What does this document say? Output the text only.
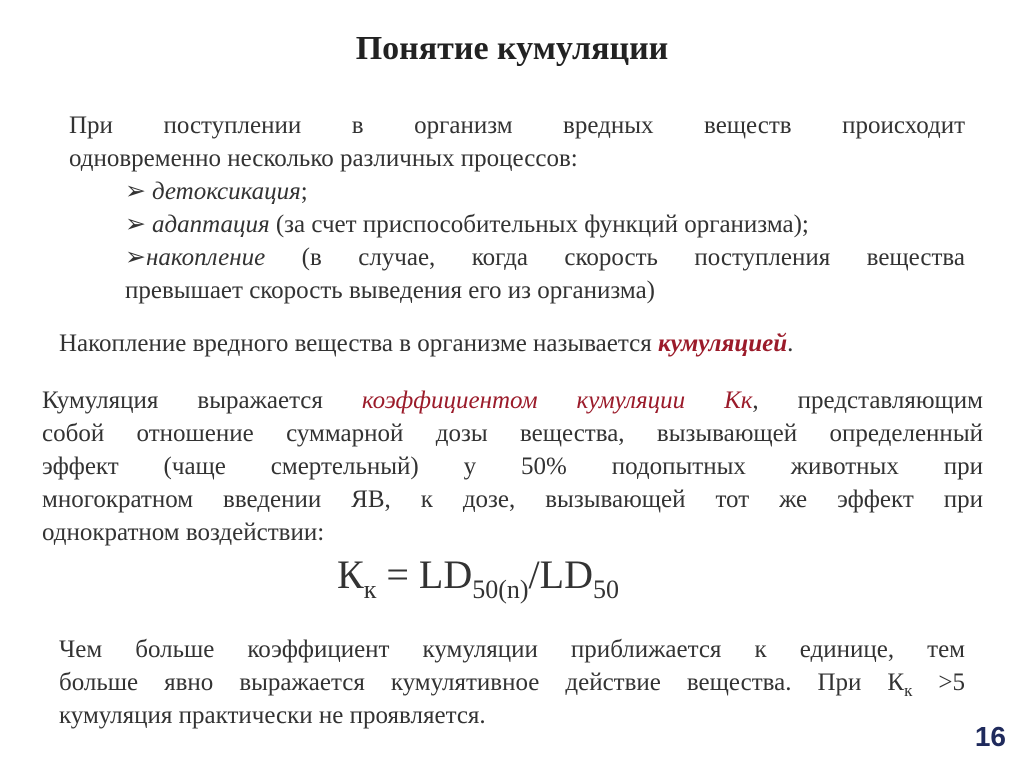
Понятие кумуляции
При поступлении в организм вредных веществ происходит
одновременно несколько различных процессов:
➢ детоксикация;
➢ адаптация (за счет приспособительных функций организма);
➢накопление (в случае, когда скорость поступления вещества
превышает скорость выведения его из организма)
Накопление вредного вещества в организме называется кумуляцией.
Кумуляция выражается коэффициентом кумуляции Кк, представляющим
собой отношение суммарной дозы вещества, вызывающей определенный
эффект (чаще смертельный) у 50% подопытных животных при
многократном введении ЯВ, к дозе, вызывающей тот же эффект при
однократном воздействии:
$К_к = LD_{50(n)}/LD_{50}$
Чем больше коэффициент кумуляции приближается к единице, тем
больше явно выражается кумулятивное действие вещества. При $К_к >5$
кумуляция практически не проявляется.
16
